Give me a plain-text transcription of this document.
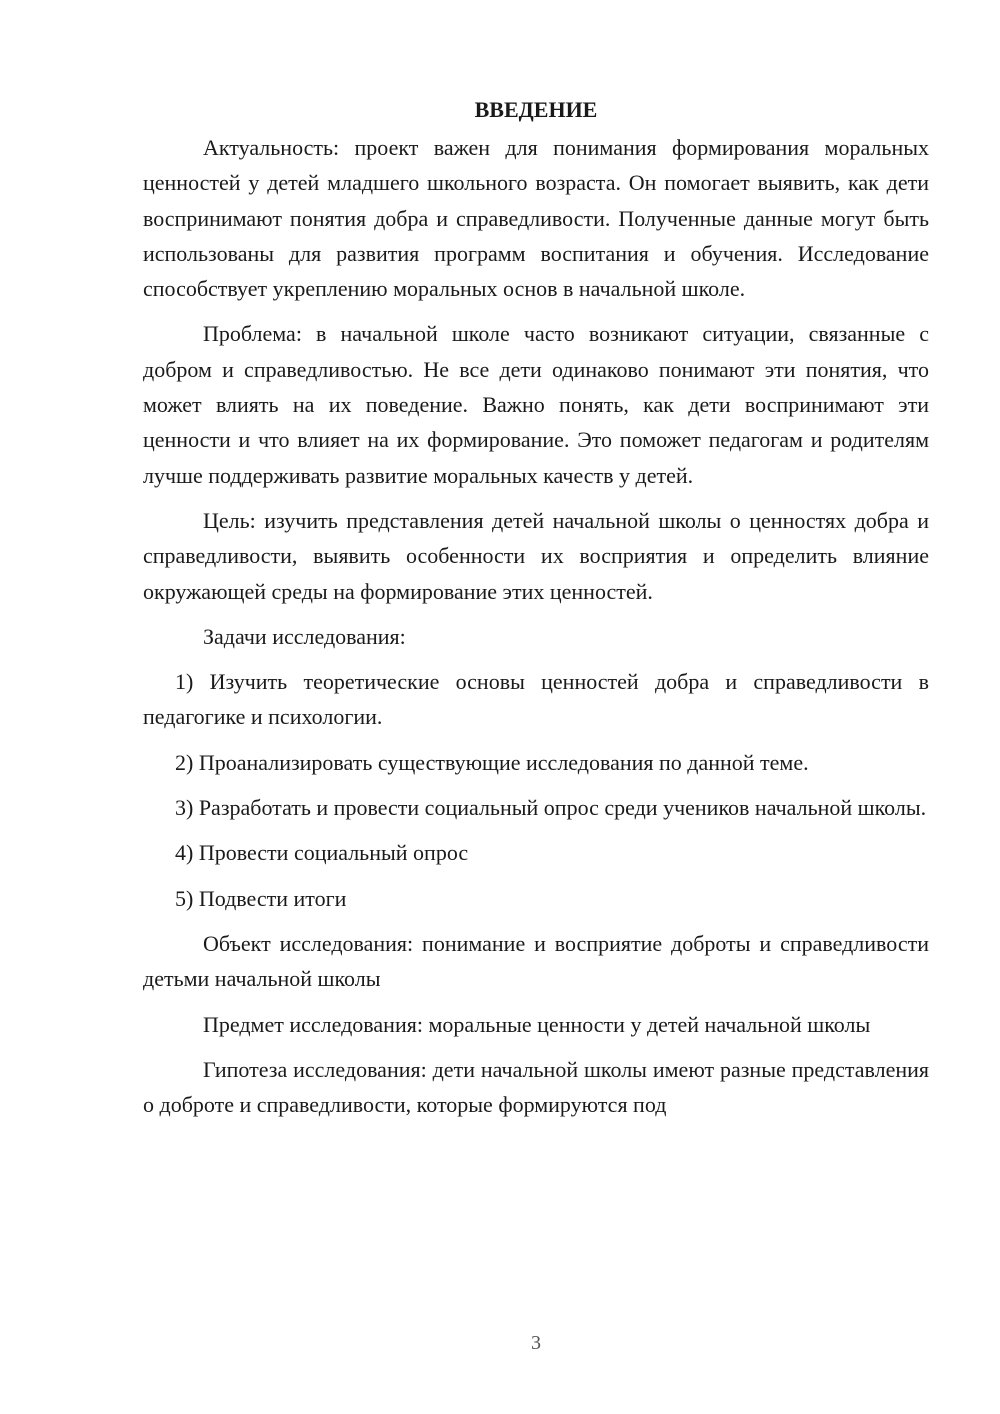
ВВЕДЕНИЕ

Актуальность: проект важен для понимания формирования моральных ценностей у детей младшего школьного возраста. Он помогает выявить, как дети воспринимают понятия добра и справедливости. Полученные данные могут быть использованы для развития программ воспитания и обучения. Исследование способствует укреплению моральных основ в начальной школе.

Проблема: в начальной школе часто возникают ситуации, связанные с добром и справедливостью. Не все дети одинаково понимают эти понятия, что может влиять на их поведение. Важно понять, как дети воспринимают эти ценности и что влияет на их формирование. Это поможет педагогам и родителям лучше поддерживать развитие моральных качеств у детей.

Цель: изучить представления детей начальной школы о ценностях добра и справедливости, выявить особенности их восприятия и определить влияние окружающей среды на формирование этих ценностей.

Задачи исследования:

1) Изучить теоретические основы ценностей добра и справедливости в педагогике и психологии.

2) Проанализировать существующие исследования по данной теме.

3) Разработать и провести социальный опрос среди учеников начальной школы.

4) Провести социальный опрос

5) Подвести итоги

Объект исследования: понимание и восприятие доброты и справедливости детьми начальной школы

Предмет исследования: моральные ценности у детей начальной школы

Гипотеза исследования: дети начальной школы имеют разные представления о доброте и справедливости, которые формируются под

3
